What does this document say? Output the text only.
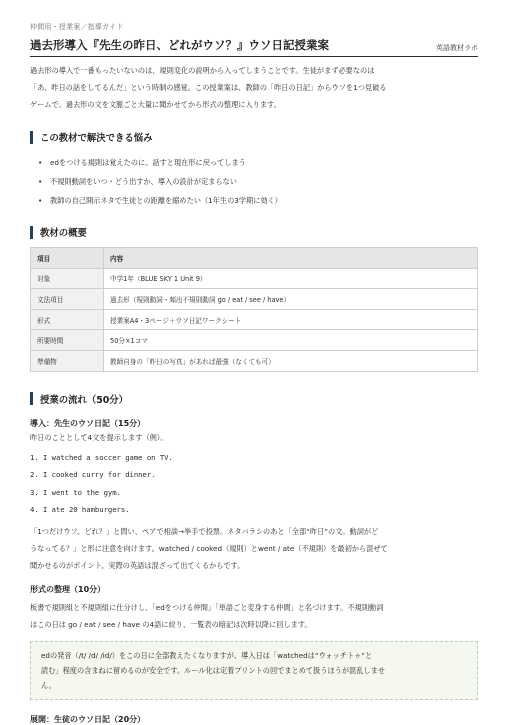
仲間用・授業案／指導ガイド
過去形導入『先生の昨日、どれがウソ？』ウソ日記授業案	英語教材ラボ

過去形の導入で一番もったいないのは、規則変化の説明から入ってしまうことです。生徒がまず必要なのは

「あ、昨日の話をしてるんだ」という時制の感覚。この授業案は、教師の「昨日の日記」からウソを1つ見破る

ゲームで、過去形の文を文脈ごと大量に聞かせてから形式の整理に入ります。

この教材で解決できる悩み
•	edをつける規則は覚えたのに、話すと現在形に戻ってしまう
•	不規則動詞をいつ・どう出すか、導入の設計が定まらない
•	教師の自己開示ネタで生徒との距離を縮めたい（1年生の3学期に効く）
教材の概要
項目	内容
対象	中学1年（BLUE SKY 1 Unit 9）
文法項目	過去形（規則動詞・頻出不規則動詞 go / eat / see / have）
形式	授業案A4・3ページ＋ウソ日記ワークシート
所要時間	50分×1コマ
準備物	教師自身の「昨日の写真」があれば最強（なくても可）
授業の流れ（50分）
導入：先生のウソ日記（15分）

昨日のこととして4文を提示します（例）。

1. I watched a soccer game on TV.
2. I cooked curry for dinner.
3. I went to the gym.
4. I ate 20 hamburgers.

「1つだけウソ。どれ？」と問い、ペアで相談→挙手で投票。ネタバラシのあと「全部“昨日”の文。動詞がど

うなってる？」と形に注意を向けます。watched / cooked（規則）とwent / ate（不規則）を最初から混ぜて

聞かせるのがポイント。実際の英語は混ざって出てくるからです。

形式の整理（10分）

板書で規則組と不規則組に仕分けし、「edをつける仲間」「単語ごと変身する仲間」と名づけます。不規則動詞

はこの日は go / eat / see / have の4語に絞り、一覧表の暗記は次時以降に回します。

edの発音（/t/ /d/ /id/）をこの日に全部教えたくなりますが、導入日は「watchedは“ウォッチトゥ”と

読む」程度の含まねに留めるのが安全です。ルール化は定着プリントの回でまとめて扱うほうが混乱しませ

ん。

展開：生徒のウソ日記（20分）
